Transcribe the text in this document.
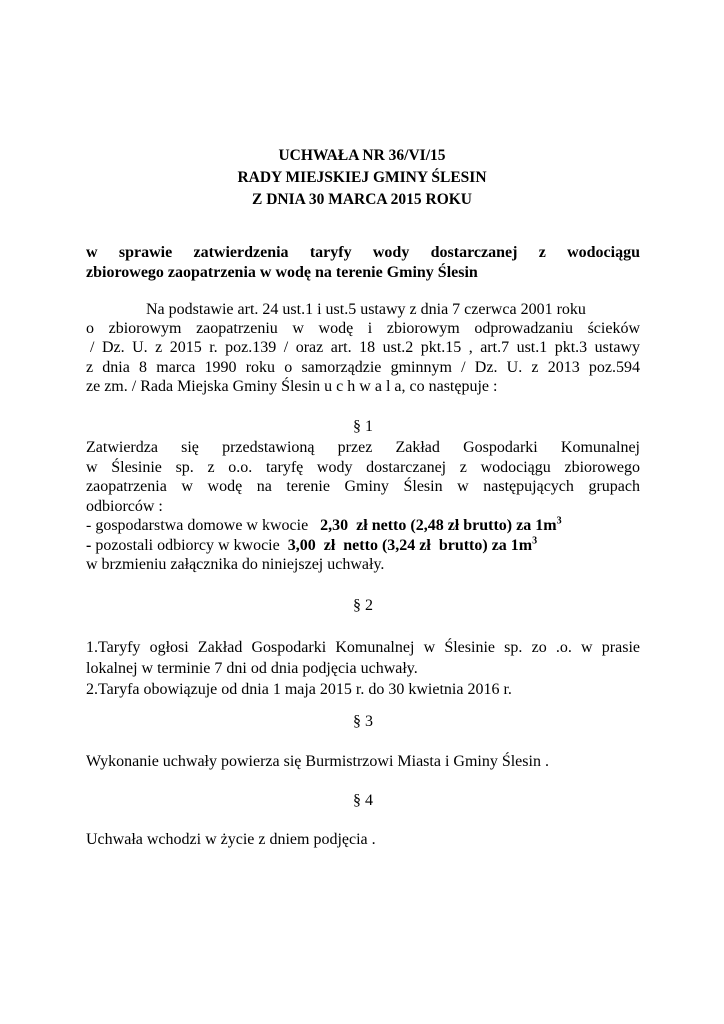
UCHWAŁA NR 36/VI/15
RADY MIEJSKIEJ GMINY ŚLESIN
Z DNIA 30 MARCA 2015 ROKU
w sprawie zatwierdzenia taryfy wody dostarczanej z wodociągu
zbiorowego zaopatrzenia w wodę na terenie Gminy Ślesin
Na podstawie art. 24 ust.1 i ust.5 ustawy z dnia 7 czerwca 2001 roku
o zbiorowym zaopatrzeniu w wodę i zbiorowym odprowadzaniu ścieków
/ Dz. U. z 2015 r. poz.139 / oraz art. 18 ust.2 pkt.15 , art.7 ust.1 pkt.3 ustawy
z dnia 8 marca 1990 roku o samorządzie gminnym / Dz. U. z 2013 poz.594
ze zm. / Rada Miejska Gminy Ślesin u c h w a l a, co następuje :
§ 1
Zatwierdza się przedstawioną przez Zakład Gospodarki Komunalnej
w Ślesinie sp. z o.o. taryfę wody dostarczanej z wodociągu zbiorowego
zaopatrzenia w wodę na terenie Gminy Ślesin w następujących grupach
odbiorców :
- gospodarstwa domowe w kwocie   2,30  zł netto (2,48 zł brutto) za $1m^3$
- pozostali odbiorcy w kwocie  3,00  zł  netto (3,24 zł  brutto) za $1m^3$
w brzmieniu załącznika do niniejszej uchwały.
§ 2
1.Taryfy ogłosi Zakład Gospodarki Komunalnej w Ślesinie sp. zo .o. w prasie
lokalnej w terminie 7 dni od dnia podjęcia uchwały.
2.Taryfa obowiązuje od dnia 1 maja 2015 r. do 30 kwietnia 2016 r.
§ 3
Wykonanie uchwały powierza się Burmistrzowi Miasta i Gminy Ślesin .
§ 4
Uchwała wchodzi w życie z dniem podjęcia .
